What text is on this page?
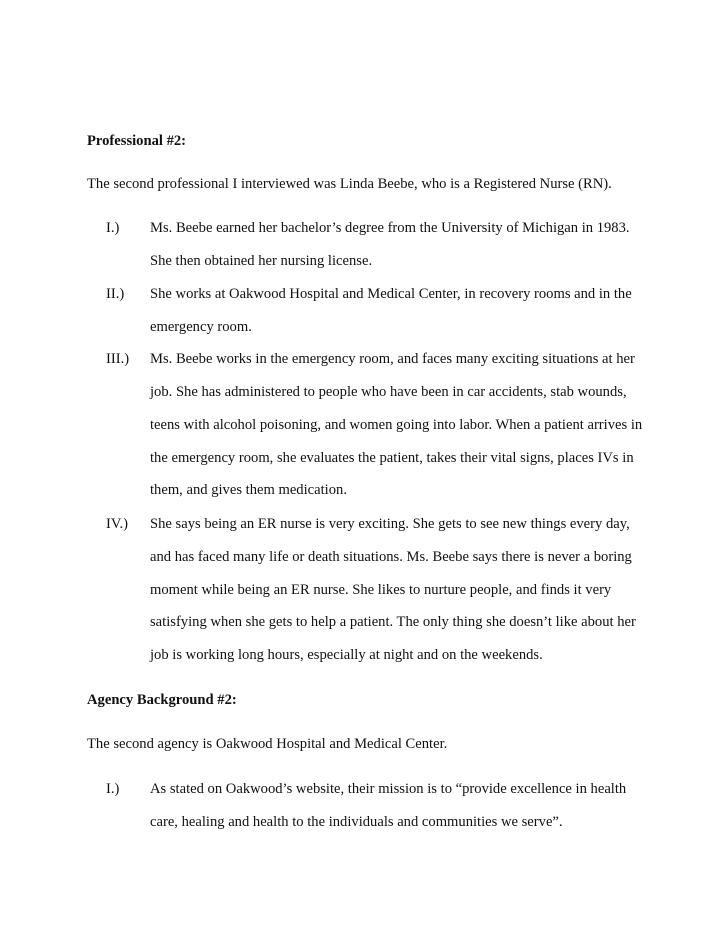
Professional #2:
The second professional I interviewed was Linda Beebe, who is a Registered Nurse (RN).
I.) Ms. Beebe earned her bachelor’s degree from the University of Michigan in 1983.
She then obtained her nursing license.
II.) She works at Oakwood Hospital and Medical Center, in recovery rooms and in the
emergency room.
III.) Ms. Beebe works in the emergency room, and faces many exciting situations at her
job. She has administered to people who have been in car accidents, stab wounds,
teens with alcohol poisoning, and women going into labor. When a patient arrives in
the emergency room, she evaluates the patient, takes their vital signs, places IVs in
them, and gives them medication.
IV.) She says being an ER nurse is very exciting. She gets to see new things every day,
and has faced many life or death situations. Ms. Beebe says there is never a boring
moment while being an ER nurse. She likes to nurture people, and finds it very
satisfying when she gets to help a patient. The only thing she doesn’t like about her
job is working long hours, especially at night and on the weekends.
Agency Background #2:
The second agency is Oakwood Hospital and Medical Center.
I.) As stated on Oakwood’s website, their mission is to “provide excellence in health
care, healing and health to the individuals and communities we serve”.
